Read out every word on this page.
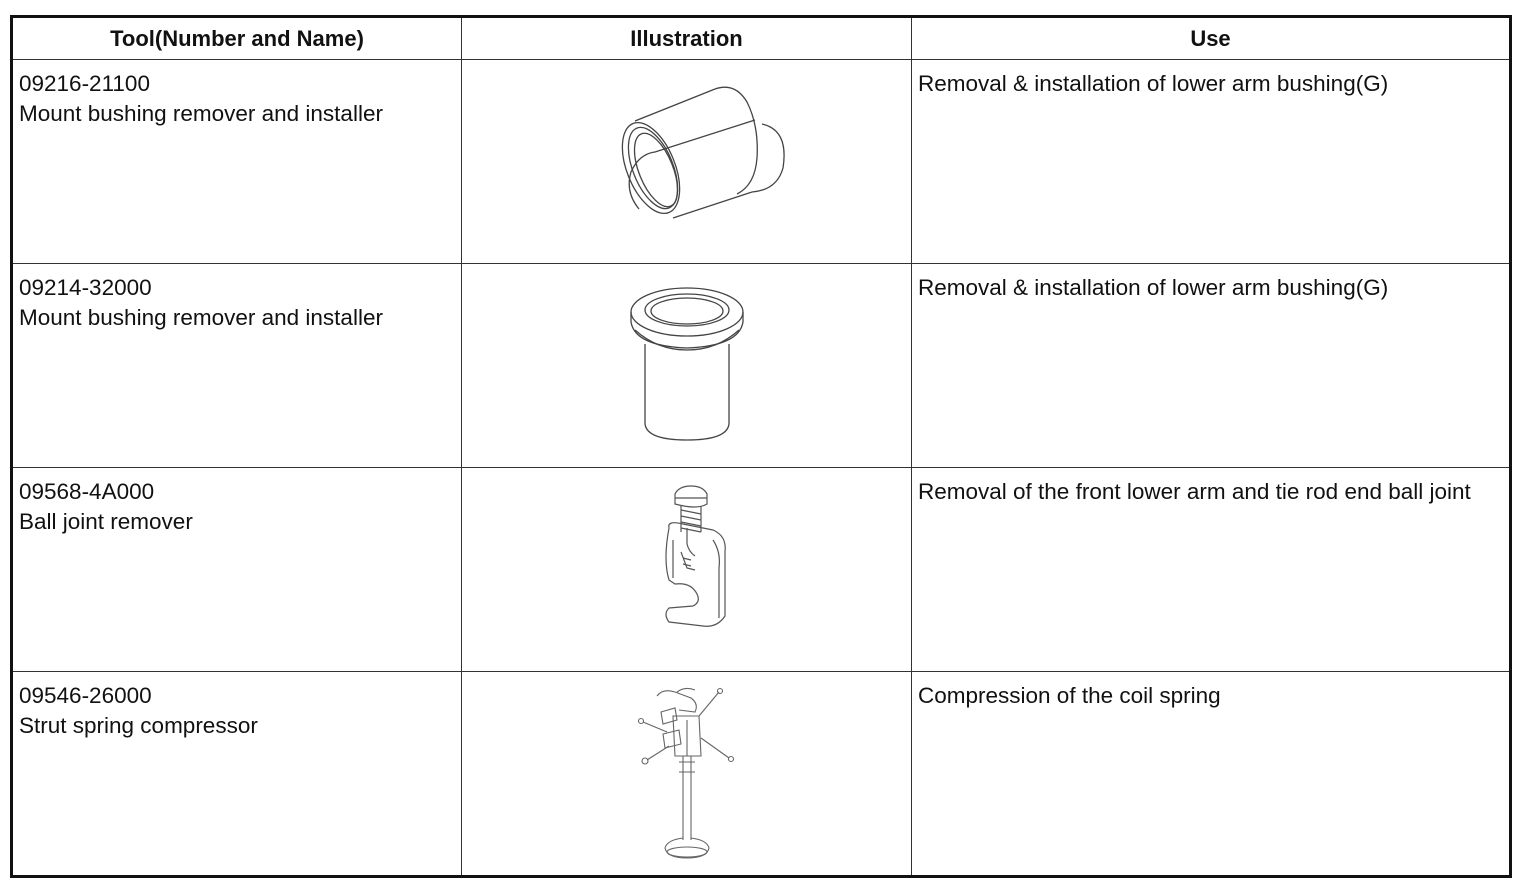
Tool(Number and Name)	Illustration	Use

09216-21100
Mount bushing remover and installer		Removal & installation of lower arm bushing(G)

09214-32000
Mount bushing remover and installer		Removal & installation of lower arm bushing(G)

09568-4A000
Ball joint remover		Removal of the front lower arm and tie rod end ball joint

09546-26000
Strut spring compressor		Compression of the coil spring
